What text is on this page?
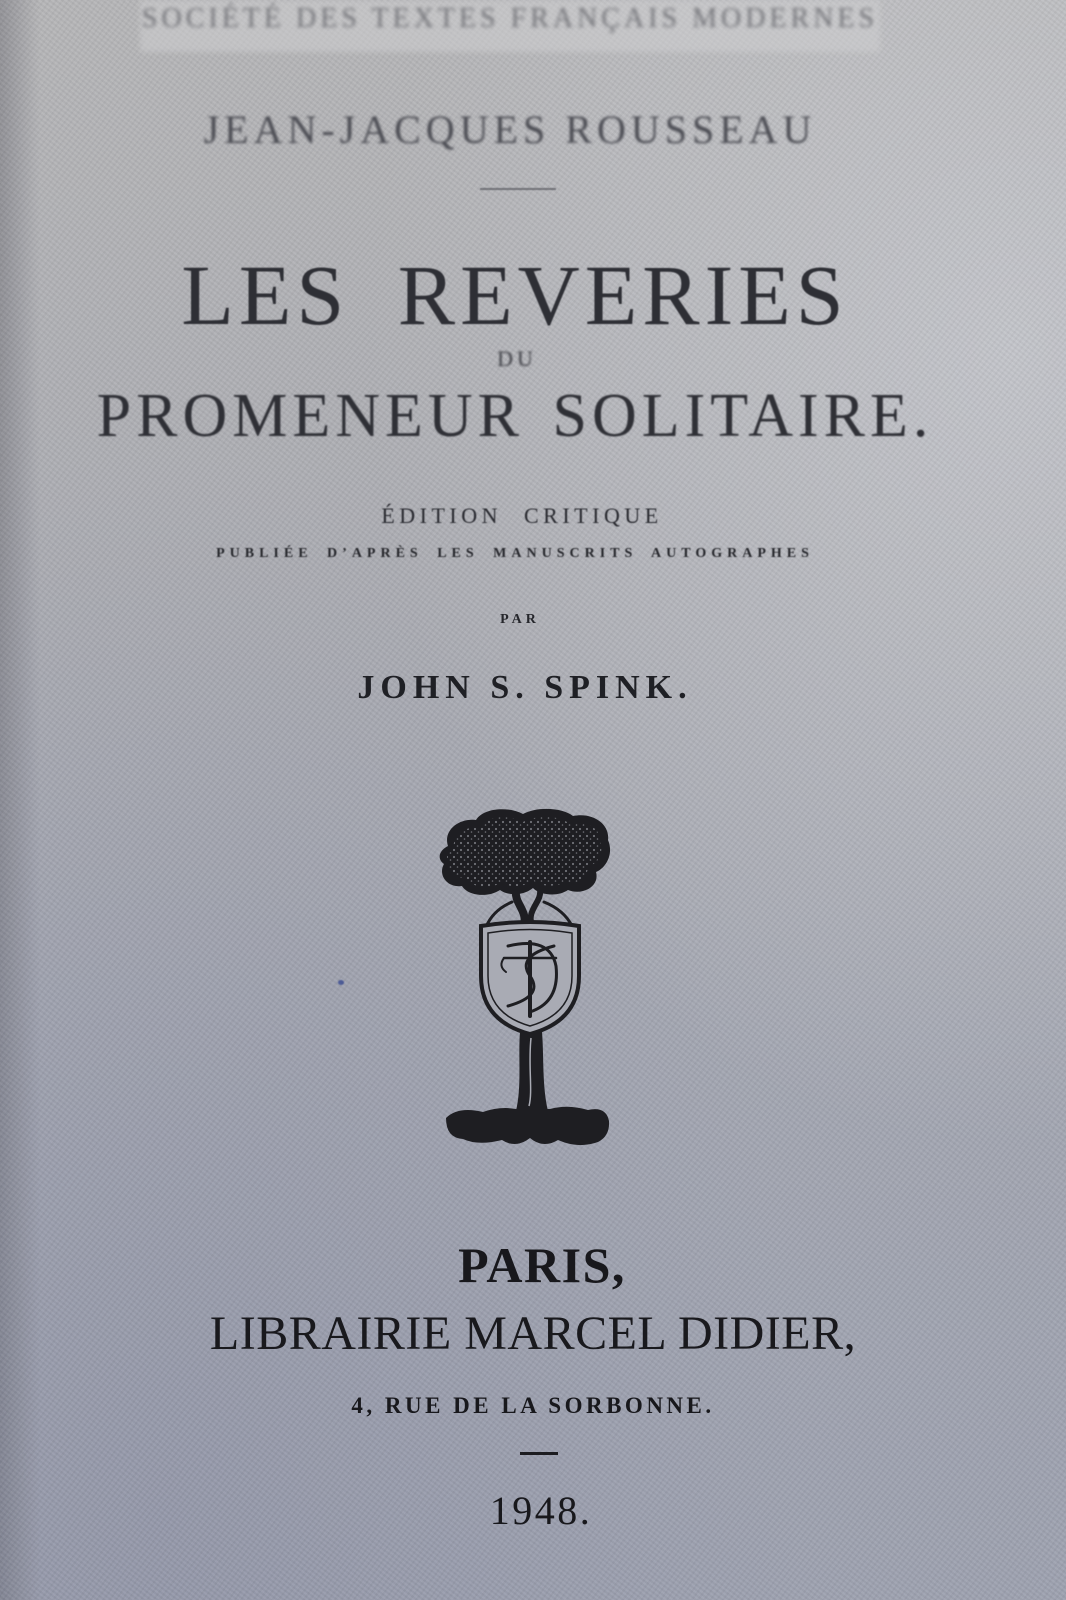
SOCIÉTÉ DES TEXTES FRANÇAIS MODERNES
JEAN-JACQUES ROUSSEAU
LES REVERIES
DU
PROMENEUR SOLITAIRE.
ÉDITION CRITIQUE
PUBLIÉE D’APRÈS LES MANUSCRITS AUTOGRAPHES
PAR
JOHN S. SPINK.
PARIS,
LIBRAIRIE MARCEL DIDIER,
4, RUE DE LA SORBONNE.
1948.
